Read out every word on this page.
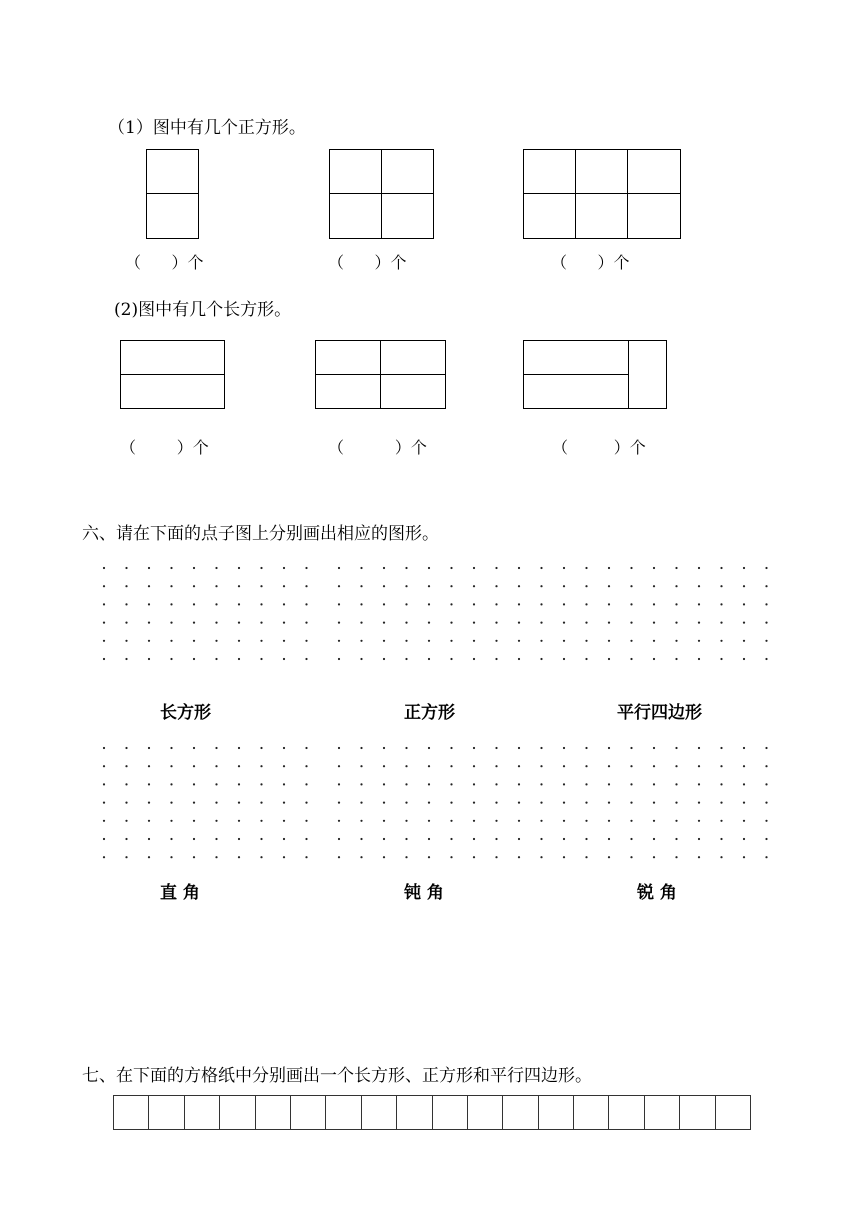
（1）图中有几个正方形。
（      ）个	（      ）个	（      ）个
(2)图中有几个长方形。
（        ）个	（          ）个	（         ）个
六、请在下面的点子图上分别画出相应的图形。
长方形	正方形	平行四边形
直 角	钝 角	锐 角
七、在下面的方格纸中分别画出一个长方形、正方形和平行四边形。
